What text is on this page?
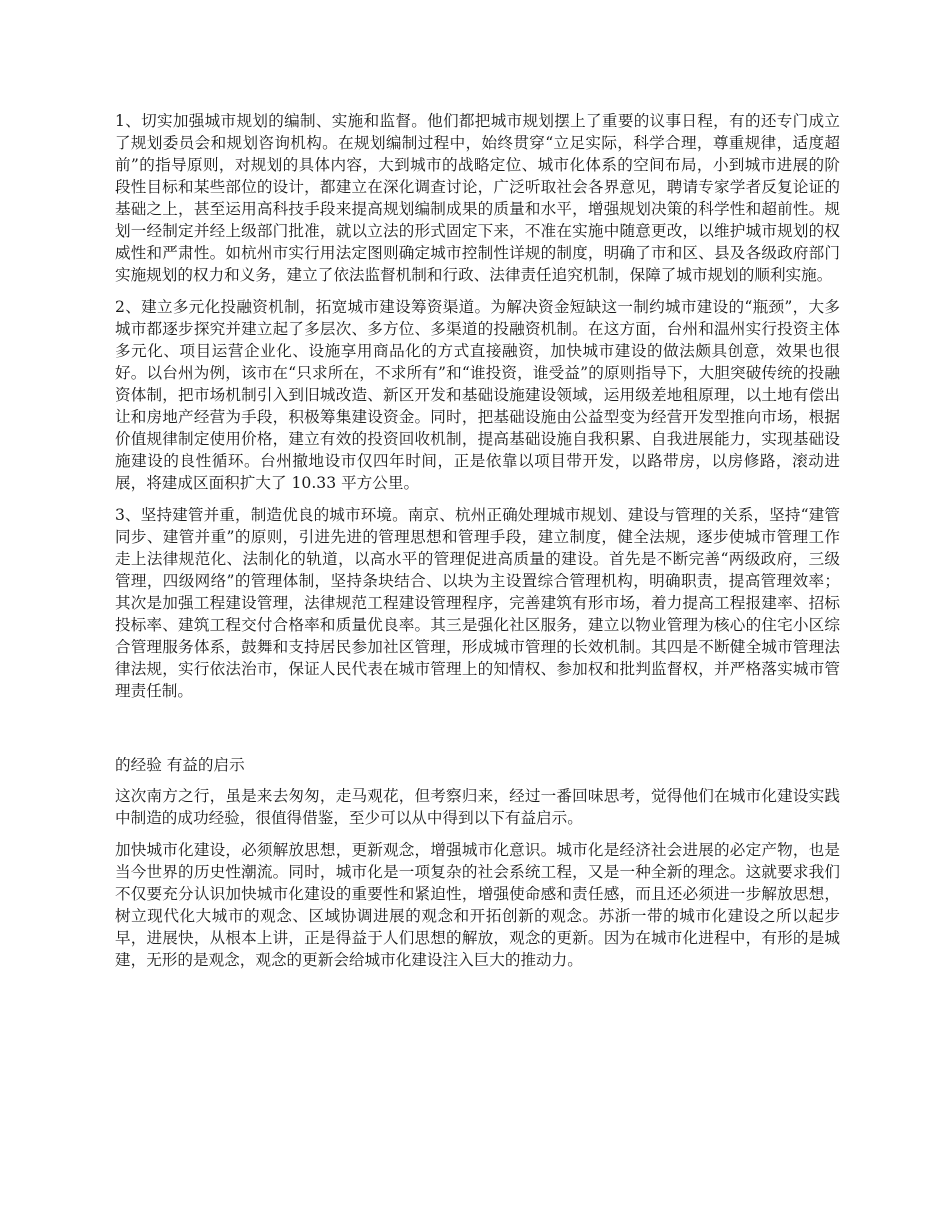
1、切实加强城市规划的编制、实施和监督。他们都把城市规划摆上了重要的议事日程，有的还专门成立了规划委员会和规划咨询机构。在规划编制过程中，始终贯穿“立足实际，科学合理，尊重规律，适度超前”的指导原则，对规划的具体内容，大到城市的战略定位、城市化体系的空间布局，小到城市进展的阶段性目标和某些部位的设计，都建立在深化调查讨论，广泛听取社会各界意见，聘请专家学者反复论证的基础之上，甚至运用高科技手段来提高规划编制成果的质量和水平，增强规划决策的科学性和超前性。规划一经制定并经上级部门批准，就以立法的形式固定下来，不准在实施中随意更改，以维护城市规划的权威性和严肃性。如杭州市实行用法定图则确定城市控制性详规的制度，明确了市和区、县及各级政府部门实施规划的权力和义务，建立了依法监督机制和行政、法律责任追究机制，保障了城市规划的顺利实施。

2、建立多元化投融资机制，拓宽城市建设筹资渠道。为解决资金短缺这一制约城市建设的“瓶颈”，大多城市都逐步探究并建立起了多层次、多方位、多渠道的投融资机制。在这方面，台州和温州实行投资主体多元化、项目运营企业化、设施享用商品化的方式直接融资，加快城市建设的做法颇具创意，效果也很好。以台州为例，该市在“只求所在，不求所有”和“谁投资，谁受益”的原则指导下，大胆突破传统的投融资体制，把市场机制引入到旧城改造、新区开发和基础设施建设领域，运用级差地租原理，以土地有偿出让和房地产经营为手段，积极筹集建设资金。同时，把基础设施由公益型变为经营开发型推向市场，根据价值规律制定使用价格，建立有效的投资回收机制，提高基础设施自我积累、自我进展能力，实现基础设施建设的良性循环。台州撤地设市仅四年时间，正是依靠以项目带开发，以路带房，以房修路，滚动进展，将建成区面积扩大了 10.33 平方公里。

3、坚持建管并重，制造优良的城市环境。南京、杭州正确处理城市规划、建设与管理的关系，坚持“建管同步、建管并重”的原则，引进先进的管理思想和管理手段，建立制度，健全法规，逐步使城市管理工作走上法律规范化、法制化的轨道，以高水平的管理促进高质量的建设。首先是不断完善“两级政府，三级管理，四级网络”的管理体制，坚持条块结合、以块为主设置综合管理机构，明确职责，提高管理效率；其次是加强工程建设管理，法律规范工程建设管理程序，完善建筑有形市场，着力提高工程报建率、招标投标率、建筑工程交付合格率和质量优良率。其三是强化社区服务，建立以物业管理为核心的住宅小区综合管理服务体系，鼓舞和支持居民参加社区管理，形成城市管理的长效机制。其四是不断健全城市管理法律法规，实行依法治市，保证人民代表在城市管理上的知情权、参加权和批判监督权，并严格落实城市管理责任制。

的经验 有益的启示

这次南方之行，虽是来去匆匆，走马观花，但考察归来，经过一番回味思考，觉得他们在城市化建设实践中制造的成功经验，很值得借鉴，至少可以从中得到以下有益启示。

加快城市化建设，必须解放思想，更新观念，增强城市化意识。城市化是经济社会进展的必定产物，也是当今世界的历史性潮流。同时，城市化是一项复杂的社会系统工程，又是一种全新的理念。这就要求我们不仅要充分认识加快城市化建设的重要性和紧迫性，增强使命感和责任感，而且还必须进一步解放思想，树立现代化大城市的观念、区域协调进展的观念和开拓创新的观念。苏浙一带的城市化建设之所以起步早，进展快，从根本上讲，正是得益于人们思想的解放，观念的更新。因为在城市化进程中，有形的是城建，无形的是观念，观念的更新会给城市化建设注入巨大的推动力。
